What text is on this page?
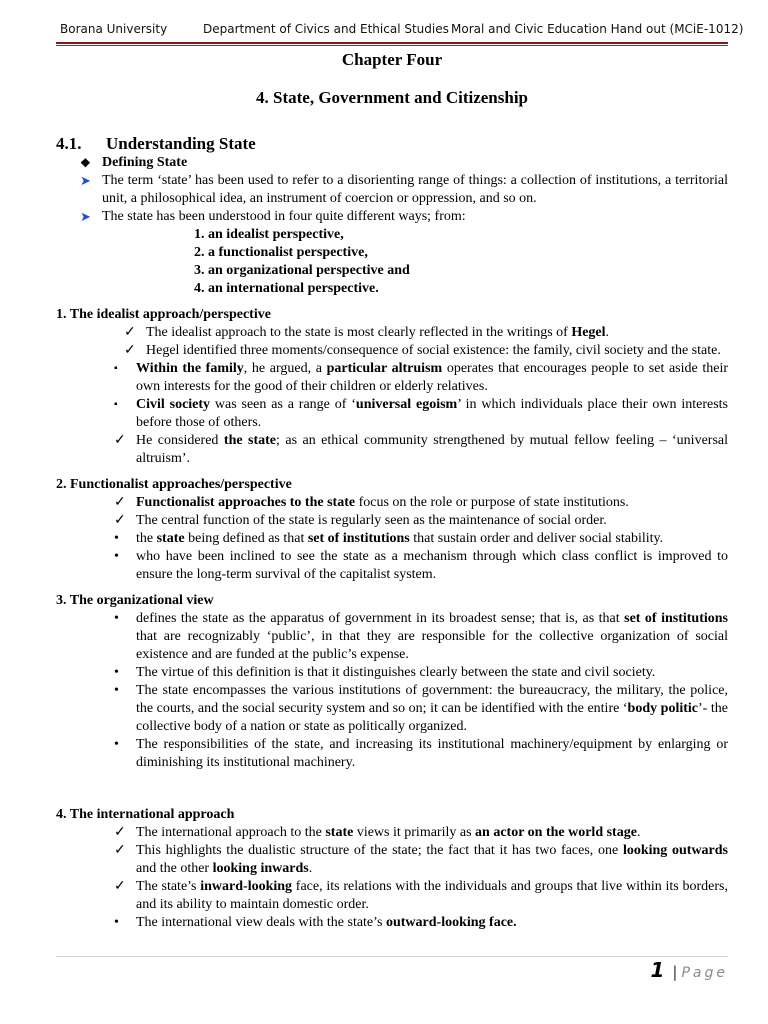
Borana University	Department of Civics and Ethical Studies Moral and Civic Education Hand out (MCiE-1012)
Chapter Four
4. State, Government and Citizenship
4.1. Understanding State
❖ Defining State
➤ The term ‘state’ has been used to refer to a disorienting range of things: a collection of institutions, a territorial unit, a philosophical idea, an instrument of coercion or oppression, and so on.
➤ The state has been understood in four quite different ways; from:
1. an idealist perspective,
2. a functionalist perspective,
3. an organizational perspective and
4. an international perspective.
1. The idealist approach/perspective
✓ The idealist approach to the state is most clearly reflected in the writings of Hegel.
✓ Hegel identified three moments/consequence of social existence: the family, civil society and the state.
▪ Within the family, he argued, a particular altruism operates that encourages people to set aside their own interests for the good of their children or elderly relatives.
▪ Civil society was seen as a range of ‘universal egoism’ in which individuals place their own interests before those of others.
✓ He considered the state; as an ethical community strengthened by mutual fellow feeling – ‘universal altruism’.
2. Functionalist approaches/perspective
✓ Functionalist approaches to the state focus on the role or purpose of state institutions.
✓ The central function of the state is regularly seen as the maintenance of social order.
• the state being defined as that set of institutions that sustain order and deliver social stability.
• who have been inclined to see the state as a mechanism through which class conflict is improved to ensure the long-term survival of the capitalist system.
3. The organizational view
• defines the state as the apparatus of government in its broadest sense; that is, as that set of institutions that are recognizably ‘public’, in that they are responsible for the collective organization of social existence and are funded at the public’s expense.
• The virtue of this definition is that it distinguishes clearly between the state and civil society.
• The state encompasses the various institutions of government: the bureaucracy, the military, the police, the courts, and the social security system and so on; it can be identified with the entire ‘body politic’- the collective body of a nation or state as politically organized.
• The responsibilities of the state, and increasing its institutional machinery/equipment by enlarging or diminishing its institutional machinery.
4. The international approach
✓ The international approach to the state views it primarily as an actor on the world stage.
✓ This highlights the dualistic structure of the state; the fact that it has two faces, one looking outwards and the other looking inwards.
✓ The state’s inward-looking face, its relations with the individuals and groups that live within its borders, and its ability to maintain domestic order.
• The international view deals with the state’s outward-looking face.
1 | Page
